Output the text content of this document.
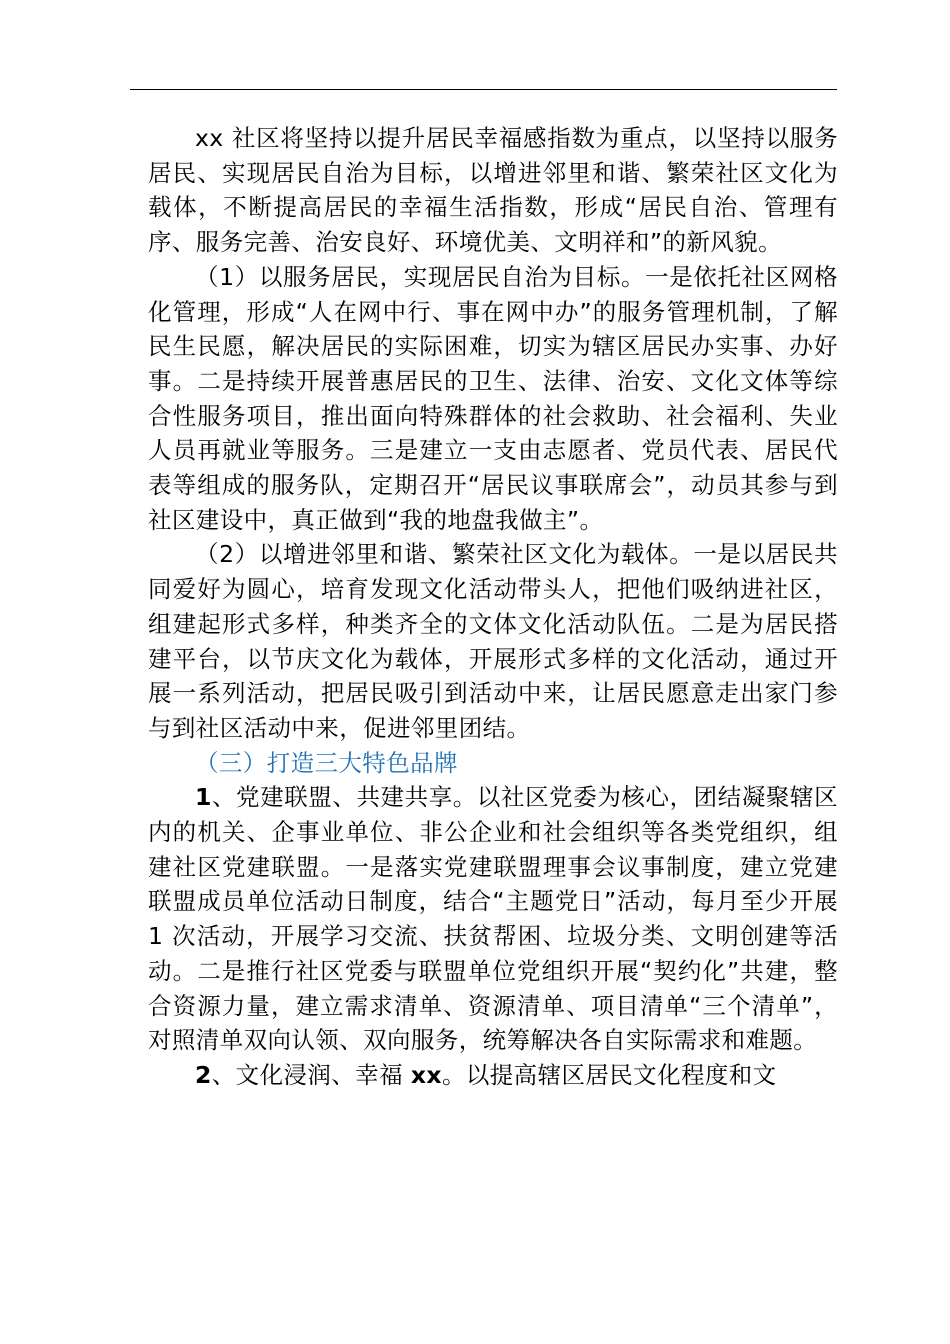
xx 社区将坚持以提升居民幸福感指数为重点，以坚持以服务居民、实现居民自治为目标，以增进邻里和谐、繁荣社区文化为载体，不断提高居民的幸福生活指数，形成“居民自治、管理有序、服务完善、治安良好、环境优美、文明祥和”的新风貌。

（1）以服务居民，实现居民自治为目标。一是依托社区网格化管理，形成“人在网中行、事在网中办”的服务管理机制，了解民生民愿，解决居民的实际困难，切实为辖区居民办实事、办好事。二是持续开展普惠居民的卫生、法律、治安、文化文体等综合性服务项目，推出面向特殊群体的社会救助、社会福利、失业人员再就业等服务。三是建立一支由志愿者、党员代表、居民代表等组成的服务队，定期召开“居民议事联席会”，动员其参与到社区建设中，真正做到“我的地盘我做主”。

（2）以增进邻里和谐、繁荣社区文化为载体。一是以居民共同爱好为圆心，培育发现文化活动带头人，把他们吸纳进社区，组建起形式多样，种类齐全的文体文化活动队伍。二是为居民搭建平台，以节庆文化为载体，开展形式多样的文化活动，通过开展一系列活动，把居民吸引到活动中来，让居民愿意走出家门参与到社区活动中来，促进邻里团结。

（三）打造三大特色品牌

1、党建联盟、共建共享。以社区党委为核心，团结凝聚辖区内的机关、企事业单位、非公企业和社会组织等各类党组织，组建社区党建联盟。一是落实党建联盟理事会议事制度，建立党建联盟成员单位活动日制度，结合“主题党日”活动，每月至少开展 1 次活动，开展学习交流、扶贫帮困、垃圾分类、文明创建等活动。二是推行社区党委与联盟单位党组织开展“契约化”共建，整合资源力量，建立需求清单、资源清单、项目清单“三个清单”，对照清单双向认领、双向服务，统筹解决各自实际需求和难题。

2、文化浸润、幸福 xx。以提高辖区居民文化程度和文
